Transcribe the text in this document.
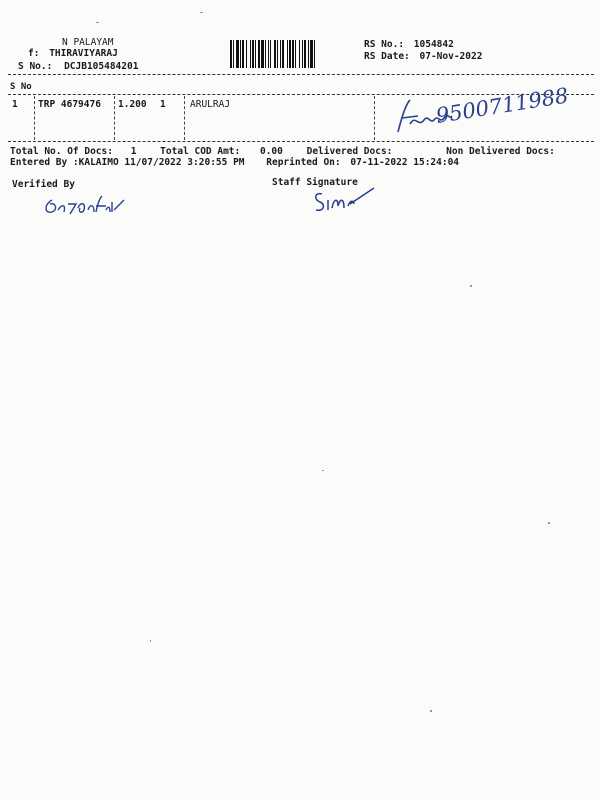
N PALAYAM
f: THIRAVIYARAJ
S No.: DCJB105484201
RS No.: 1054842
RS Date: 07-Nov-2022
S No
1 TRP 4679476 1.200 1	ARULRAJ	9500711988
Total No. Of Docs: 1 Total COD Amt: 0.00 Delivered Docs:	Non Delivered Docs:
Entered By :KALAIMO 11/07/2022 3:20:55 PM Reprinted On: 07-11-2022 15:24:04
Verified By	Staff Signature
